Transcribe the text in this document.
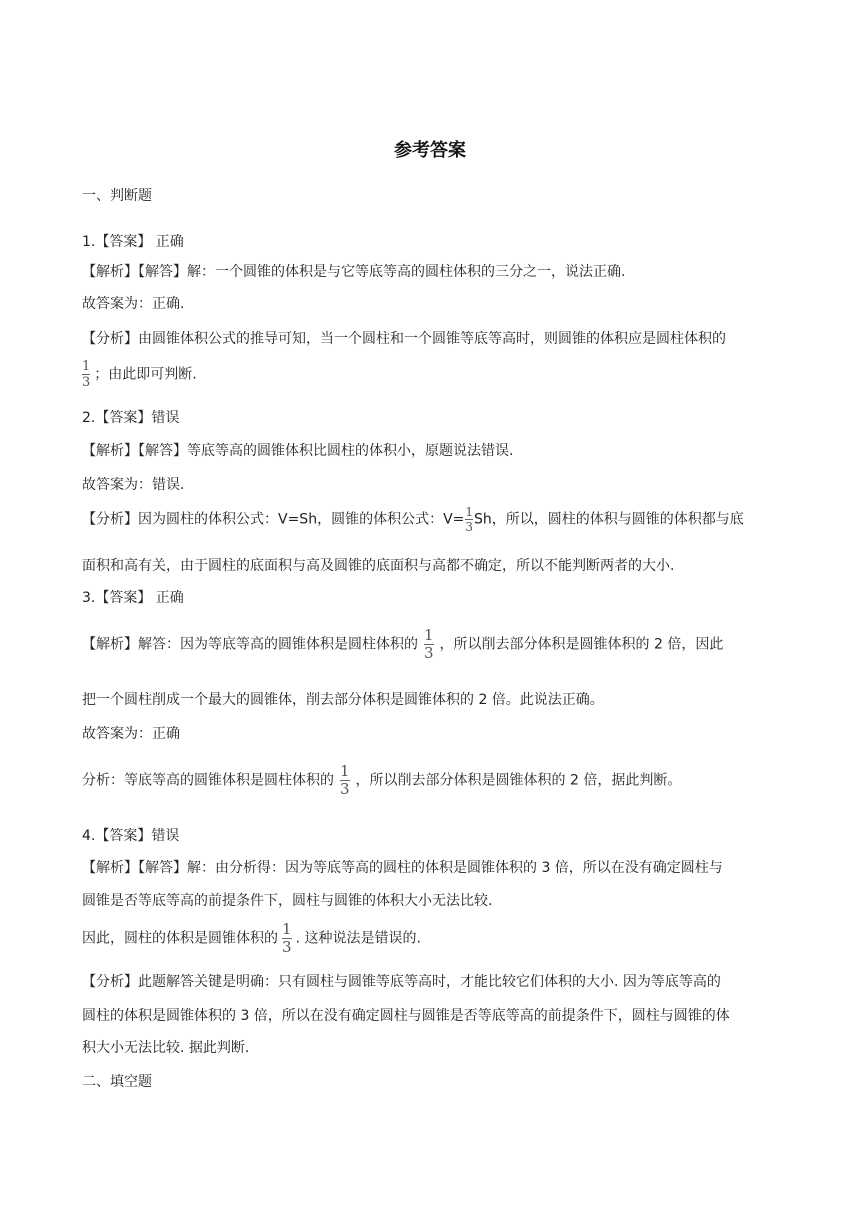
参考答案
一、判断题
1.【答案】 正确
【解析】【解答】解：一个圆锥的体积是与它等底等高的圆柱体积的三分之一，说法正确.
故答案为：正确.
【分析】由圆锥体积公式的推导可知，当一个圆柱和一个圆锥等底等高时，则圆锥的体积应是圆柱体积的
$\frac{1}{3}$ ；由此即可判断.
2.【答案】错误
【解析】【解答】等底等高的圆锥体积比圆柱的体积小，原题说法错误.
故答案为：错误.
【分析】因为圆柱的体积公式：V=Sh，圆锥的体积公式：$V= \frac{1}{3}$ Sh，所以，圆柱的体积与圆锥的体积都与底
面积和高有关，由于圆柱的底面积与高及圆锥的底面积与高都不确定，所以不能判断两者的大小.
3.【答案】 正确
【解析】解答：因为等底等高的圆锥体积是圆柱体积的 $\frac{1}{3}$ ，所以削去部分体积是圆锥体积的 2 倍，因此
把一个圆柱削成一个最大的圆锥体，削去部分体积是圆锥体积的 2 倍。此说法正确。
故答案为：正确
分析：等底等高的圆锥体积是圆柱体积的 $\frac{1}{3}$ ，所以削去部分体积是圆锥体积的 2 倍，据此判断。
4.【答案】错误
【解析】【解答】解：由分析得：因为等底等高的圆柱的体积是圆锥体积的 3 倍，所以在没有确定圆柱与
圆锥是否等底等高的前提条件下，圆柱与圆锥的体积大小无法比较.
因此，圆柱的体积是圆锥体积的 $\frac{1}{3}$ . 这种说法是错误的.
【分析】此题解答关键是明确：只有圆柱与圆锥等底等高时，才能比较它们体积的大小. 因为等底等高的
圆柱的体积是圆锥体积的 3 倍，所以在没有确定圆柱与圆锥是否等底等高的前提条件下，圆柱与圆锥的体
积大小无法比较. 据此判断.
二、填空题
